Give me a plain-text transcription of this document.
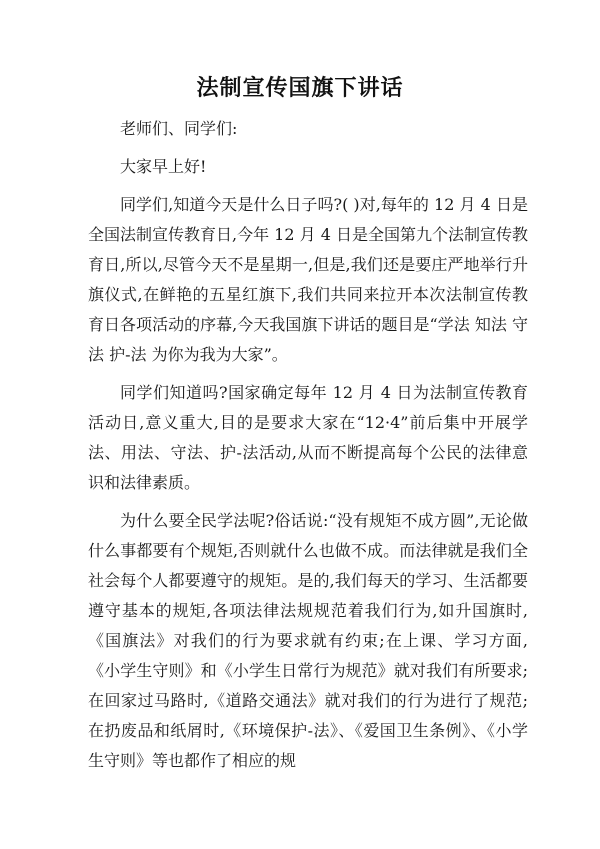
法制宣传国旗下讲话

老师们、同学们:

大家早上好!

同学们,知道今天是什么日子吗?( )对,每年的 12 月 4 日是全国法制宣传教育日,今年 12 月 4 日是全国第九个法制宣传教育日,所以,尽管今天不是星期一,但是,我们还是要庄严地举行升旗仪式,在鲜艳的五星红旗下,我们共同来拉开本次法制宣传教育日各项活动的序幕,今天我国旗下讲话的题目是“学法 知法 守法 护-法 为你为我为大家”。

同学们知道吗?国家确定每年 12 月 4 日为法制宣传教育活动日,意义重大,目的是要求大家在“12·4”前后集中开展学法、用法、守法、护-法活动,从而不断提高每个公民的法律意识和法律素质。

为什么要全民学法呢?俗话说:“没有规矩不成方圆”,无论做什么事都要有个规矩,否则就什么也做不成。而法律就是我们全社会每个人都要遵守的规矩。是的,我们每天的学习、生活都要遵守基本的规矩,各项法律法规规范着我们行为,如升国旗时,《国旗法》对我们的行为要求就有约束;在上课、学习方面,《小学生守则》和《小学生日常行为规范》就对我们有所要求;在回家过马路时,《道路交通法》就对我们的行为进行了规范;在扔废品和纸屑时,《环境保护-法》、《爱国卫生条例》、《小学生守则》等也都作了相应的规
